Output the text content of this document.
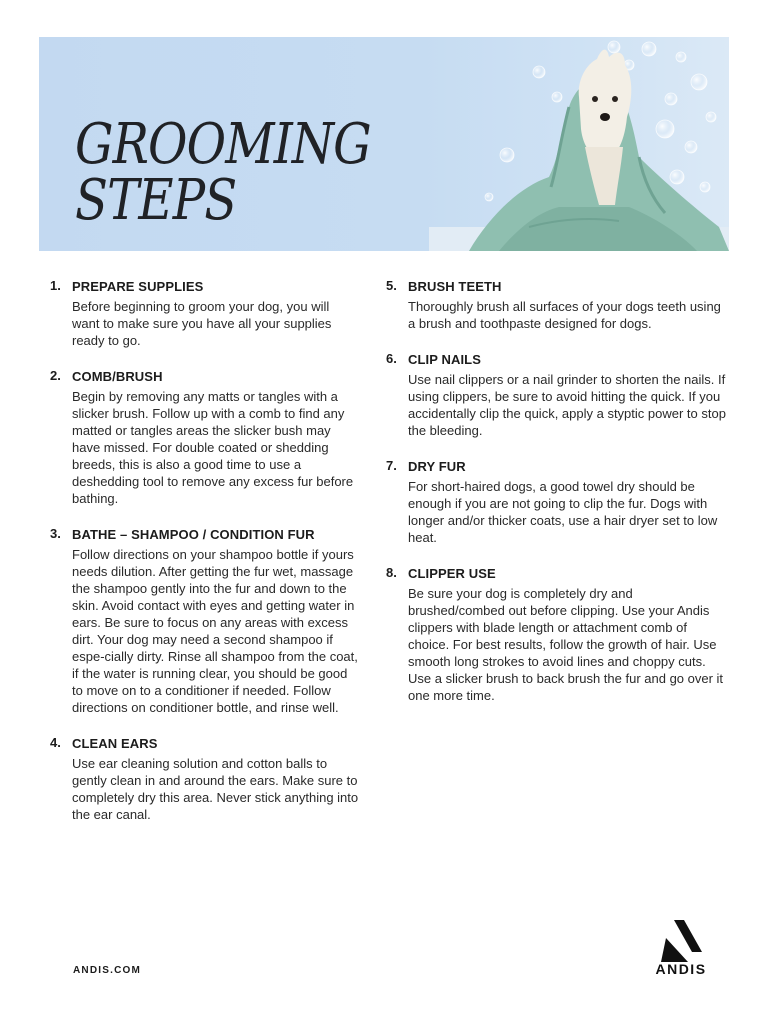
GROOMING
STEPS
1. PREPARE SUPPLIES

Before beginning to groom your dog, you will want to make sure you have all your supplies ready to go.

2. COMB/BRUSH

Begin by removing any matts or tangles with a slicker brush. Follow up with a comb to find any matted or tangles areas the slicker bush may have missed. For double coated or shedding breeds, this is also a good time to use a deshedding tool to remove any excess fur before bathing.

3. BATHE – SHAMPOO / CONDITION FUR

Follow directions on your shampoo bottle if yours needs dilution. After getting the fur wet, massage the shampoo gently into the fur and down to the skin. Avoid contact with eyes and getting water in ears. Be sure to focus on any areas with excess dirt. Your dog may need a second shampoo if espe-cially dirty. Rinse all shampoo from the coat, if the water is running clear, you should be good to move on to a conditioner if needed. Follow directions on conditioner bottle, and rinse well.

4. CLEAN EARS

Use ear cleaning solution and cotton balls to gently clean in and around the ears. Make sure to completely dry this area. Never stick anything into the ear canal.

5. BRUSH TEETH

Thoroughly brush all surfaces of your dogs teeth using a brush and toothpaste designed for dogs.

6. CLIP NAILS

Use nail clippers or a nail grinder to shorten the nails. If using clippers, be sure to avoid hitting the quick. If you accidentally clip the quick, apply a styptic power to stop the bleeding.

7. DRY FUR

For short-haired dogs, a good towel dry should be enough if you are not going to clip the fur. Dogs with longer and/or thicker coats, use a hair dryer set to low heat.

8. CLIPPER USE

Be sure your dog is completely dry and brushed/combed out before clipping. Use your Andis clippers with blade length or attachment comb of choice. For best results, follow the growth of hair. Use smooth long strokes to avoid lines and choppy cuts. Use a slicker brush to back brush the fur and go over it one more time.

ANDIS.COM	ANDIS
